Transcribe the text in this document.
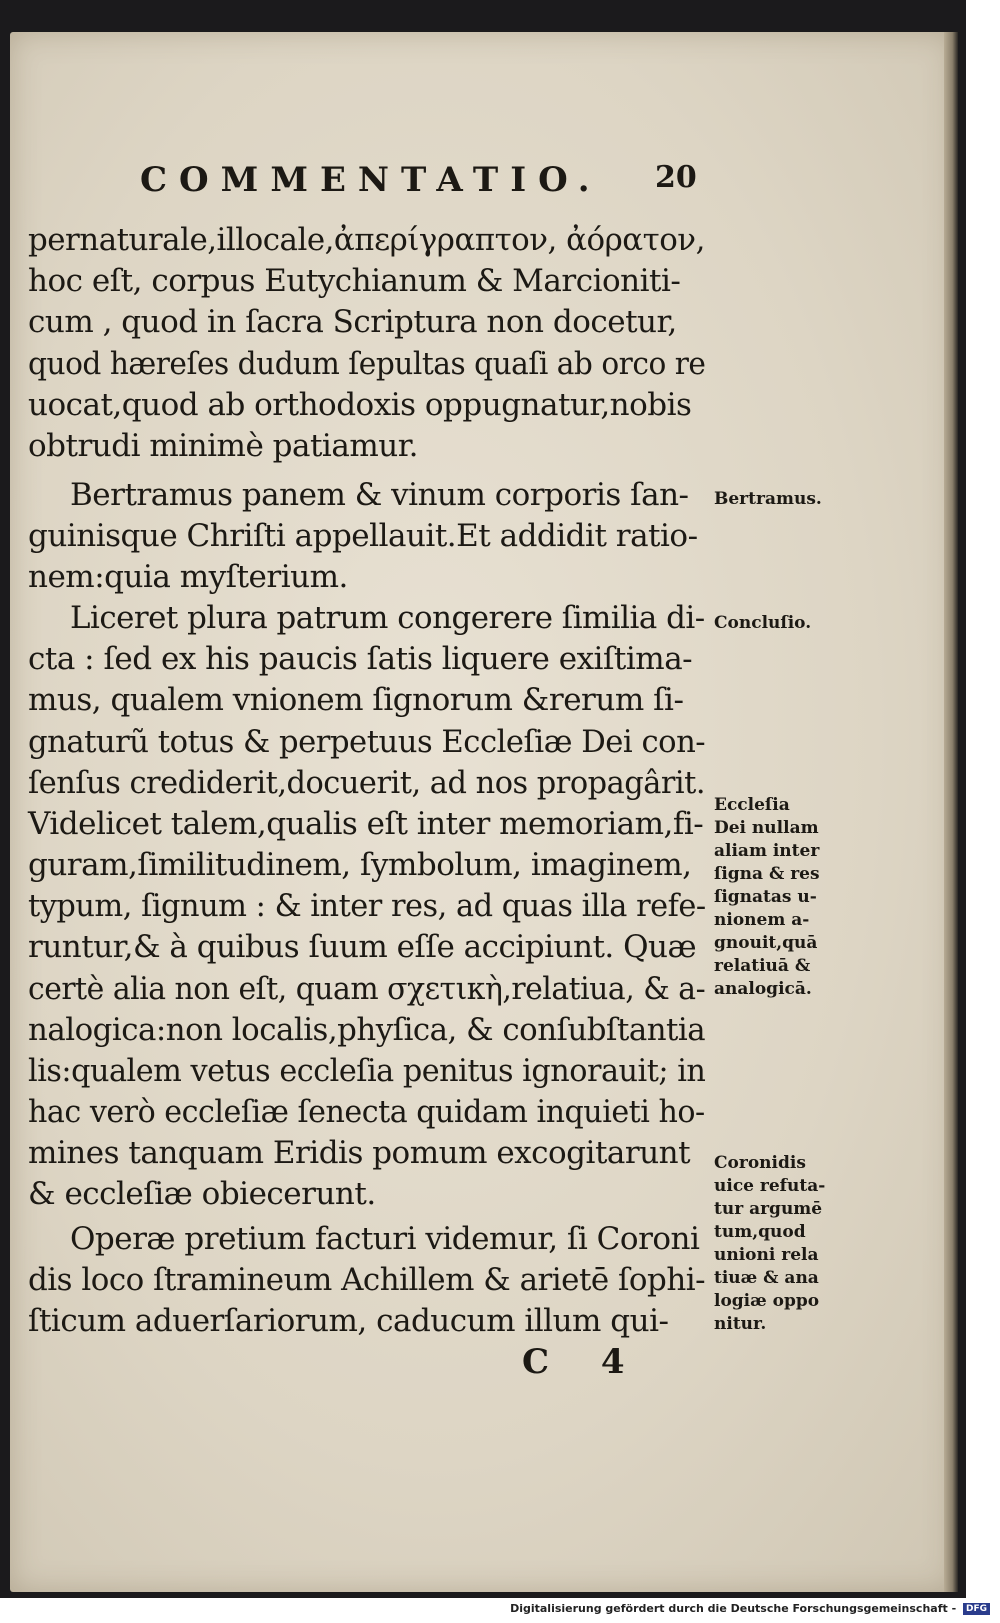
COMMENTATIO. 20
pernaturale,illocale,ἀπερίγραπτον, ἀόρατον,
hoc eſt, corpus Eutychianum & Marcioniti-
cum , quod in ſacra Scriptura non docetur,
quod hæreſes dudum ſepultas quaſi ab orco re
uocat,quod ab orthodoxis oppugnatur,nobis
obtrudi minimè patiamur.
Bertramus panem & vinum corporis ſan-
guinisque Chriſti appellauit.Et addidit ratio-
nem:quia myſterium.
Liceret plura patrum congerere ſimilia di-
cta : ſed ex his paucis ſatis liquere exiſtima-
mus, qualem vnionem ſignorum &rerum ſi-
gnaturũ totus & perpetuus Eccleſiæ Dei con-
ſenſus crediderit,docuerit, ad nos propagârit.
Videlicet talem,qualis eſt inter memoriam,fi-
guram,ſimilitudinem, ſymbolum, imaginem,
typum, ſignum : & inter res, ad quas illa refe-
runtur,& à quibus ſuum eſſe accipiunt. Quæ
certè alia non eſt, quam σχετικὴ,relatiua, & a-
nalogica:non localis,phyſica, & conſubſtantia
lis:qualem vetus eccleſia penitus ignorauit; in
hac verò eccleſiæ ſenecta quidam inquieti ho-
mines tanquam Eridis pomum excogitarunt
& eccleſiæ obiecerunt.
Operæ pretium facturi videmur, ſi Coroni
dis loco ſtramineum Achillem & arietē ſophi-
ſticum aduerſariorum, caducum illum qui-
Bertramus.
Concluſio.
Eccleſia
Dei nullam
aliam inter
ſigna & res
ſignatas u-
nionem a-
gnouit,quā
relatiuā &
analogicā.
Coronidis
uice refuta-
tur argumē
tum,quod
unioni rela
tiuæ & ana
logiæ oppo
nitur.
C 4
Digitalisierung gefördert durch die Deutsche Forschungsgemeinschaft - DFG
